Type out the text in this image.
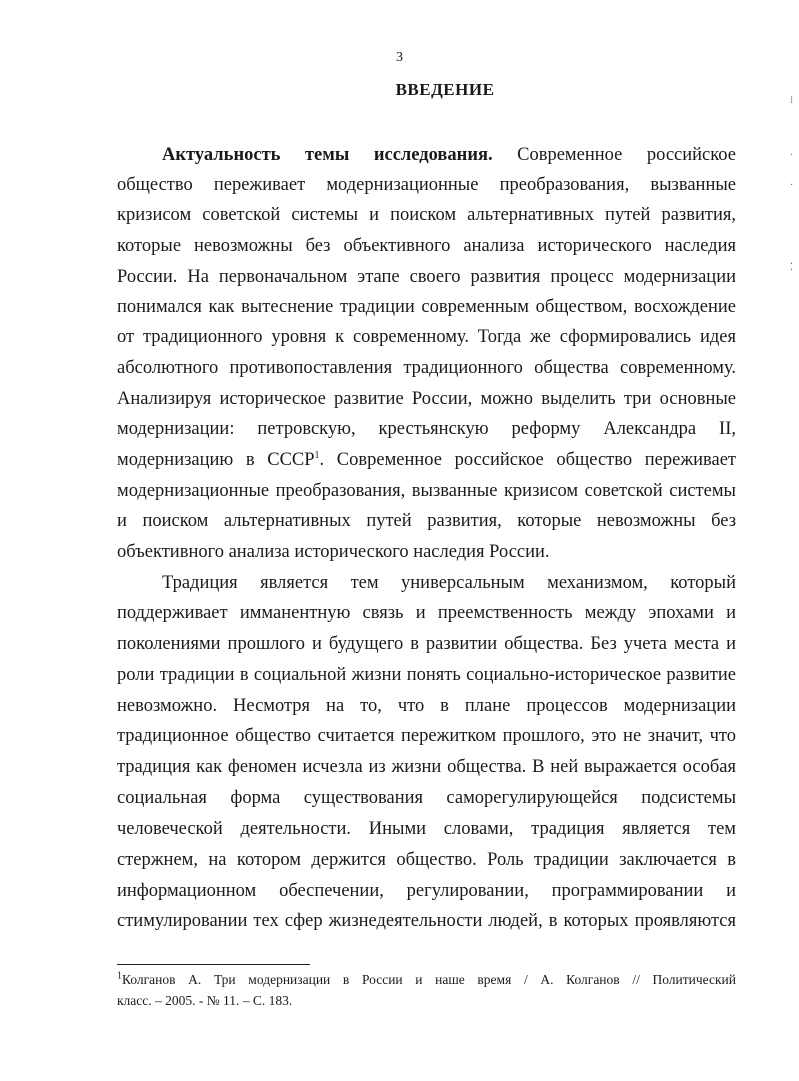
3
ВВЕДЕНИЕ
Актуальность темы исследования. Современное российское
общество переживает модернизационные преобразования, вызванные
кризисом советской системы и поиском альтернативных путей развития,
которые невозможны без объективного анализа исторического наследия
России. На первоначальном этапе своего развития процесс модернизации
понимался как вытеснение традиции современным обществом, восхождение
от традиционного уровня к современному. Тогда же сформировались идея
абсолютного противопоставления традиционного общества современному.
Анализируя историческое развитие России, можно выделить три основные
модернизации: петровскую, крестьянскую реформу Александра II,
модернизацию в СССР$^1$. Современное российское общество переживает
модернизационные преобразования, вызванные кризисом советской системы
и поиском альтернативных путей развития, которые невозможны без
объективного анализа исторического наследия России.
Традиция является тем универсальным механизмом, который
поддерживает имманентную связь и преемственность между эпохами и
поколениями прошлого и будущего в развитии общества. Без учета места и
роли традиции в социальной жизни понять социально-историческое развитие
невозможно. Несмотря на то, что в плане процессов модернизации
традиционное общество считается пережитком прошлого, это не значит, что
традиция как феномен исчезла из жизни общества. В ней выражается особая
социальная форма существования саморегулирующейся подсистемы
человеческой деятельности. Иными словами, традиция является тем
стержнем, на котором держится общество. Роль традиции заключается в
информационном обеспечении, регулировании, программировании и
стимулировании тех сфер жизнедеятельности людей, в которых проявляются
$^1$Колганов А. Три модернизации в России и наше время / А. Колганов // Политический
класс. – 2005. - № 11. – С. 183.
⁝
·
·
⁚
